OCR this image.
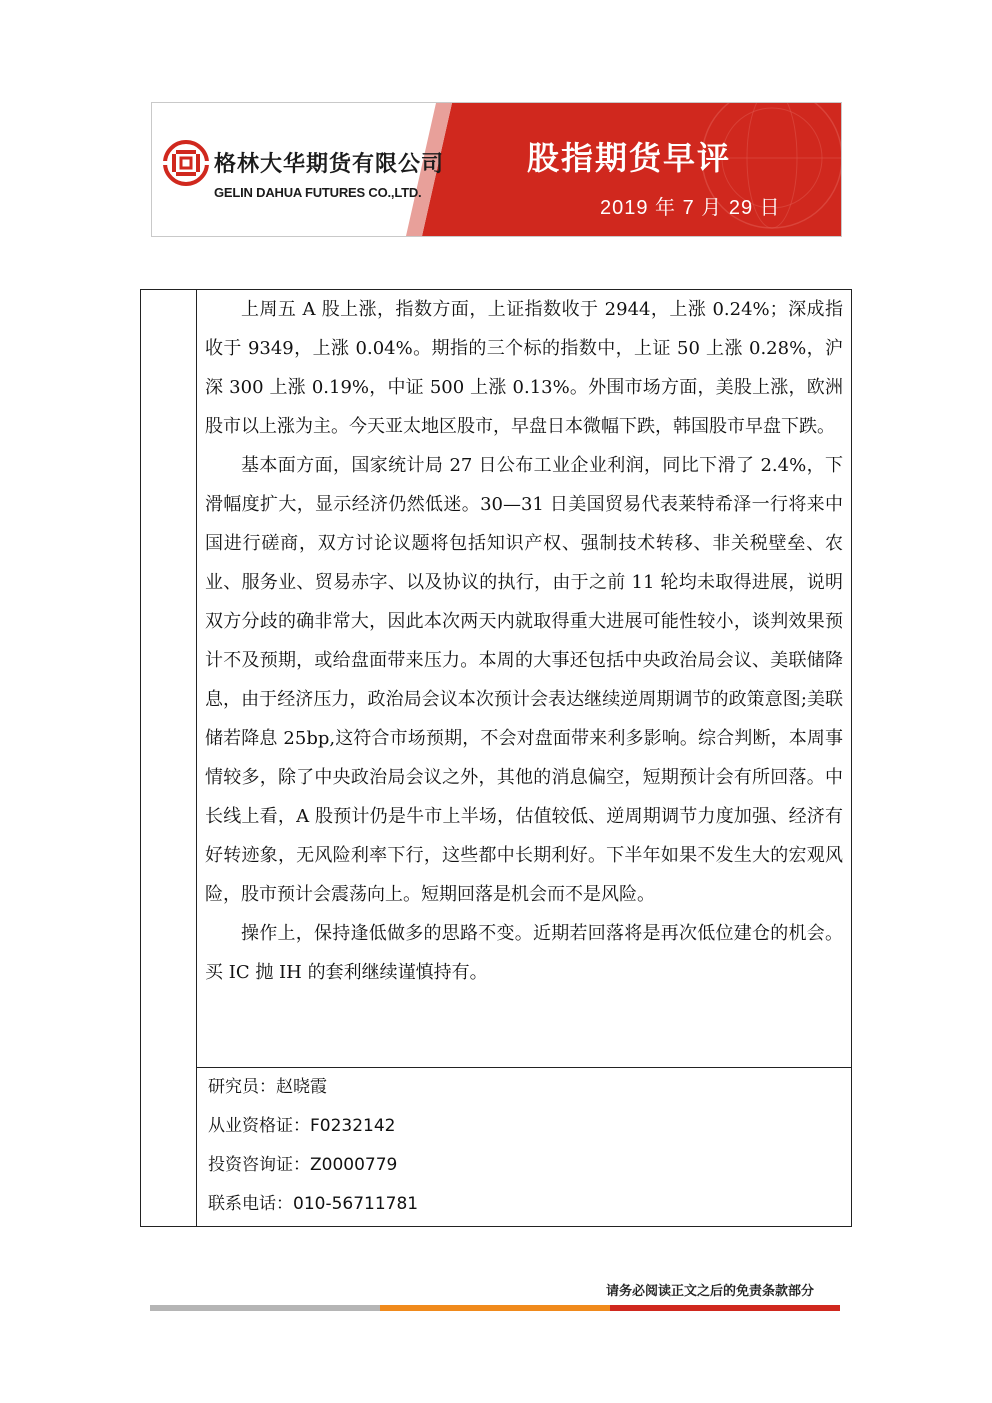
格林大华期货有限公司
GELIN DAHUA FUTURES CO.,LTD.
股指期货早评
2019 年 7 月 29 日

上周五 A 股上涨，指数方面，上证指数收于 2944，上涨 0.24%；深成指收于 9349，上涨 0.04%。期指的三个标的指数中，上证 50 上涨 0.28%，沪深 300 上涨 0.19%，中证 500 上涨 0.13%。外围市场方面，美股上涨，欧洲股市以上涨为主。今天亚太地区股市，早盘日本微幅下跌，韩国股市早盘下跌。

基本面方面，国家统计局 27 日公布工业企业利润，同比下滑了 2.4%，下滑幅度扩大，显示经济仍然低迷。30—31 日美国贸易代表莱特希泽一行将来中国进行磋商，双方讨论议题将包括知识产权、强制技术转移、非关税壁垒、农业、服务业、贸易赤字、以及协议的执行，由于之前 11 轮均未取得进展，说明双方分歧的确非常大，因此本次两天内就取得重大进展可能性较小，谈判效果预计不及预期，或给盘面带来压力。本周的大事还包括中央政治局会议、美联储降息，由于经济压力，政治局会议本次预计会表达继续逆周期调节的政策意图;美联储若降息 25bp,这符合市场预期，不会对盘面带来利多影响。综合判断，本周事情较多，除了中央政治局会议之外，其他的消息偏空，短期预计会有所回落。中长线上看，A 股预计仍是牛市上半场，估值较低、逆周期调节力度加强、经济有好转迹象，无风险利率下行，这些都中长期利好。下半年如果不发生大的宏观风险，股市预计会震荡向上。短期回落是机会而不是风险。

操作上，保持逢低做多的思路不变。近期若回落将是再次低位建仓的机会。买 IC 抛 IH 的套利继续谨慎持有。

研究员：赵晓霞
从业资格证：F0232142
投资咨询证：Z0000779
联系电话：010-56711781
请务必阅读正文之后的免责条款部分
